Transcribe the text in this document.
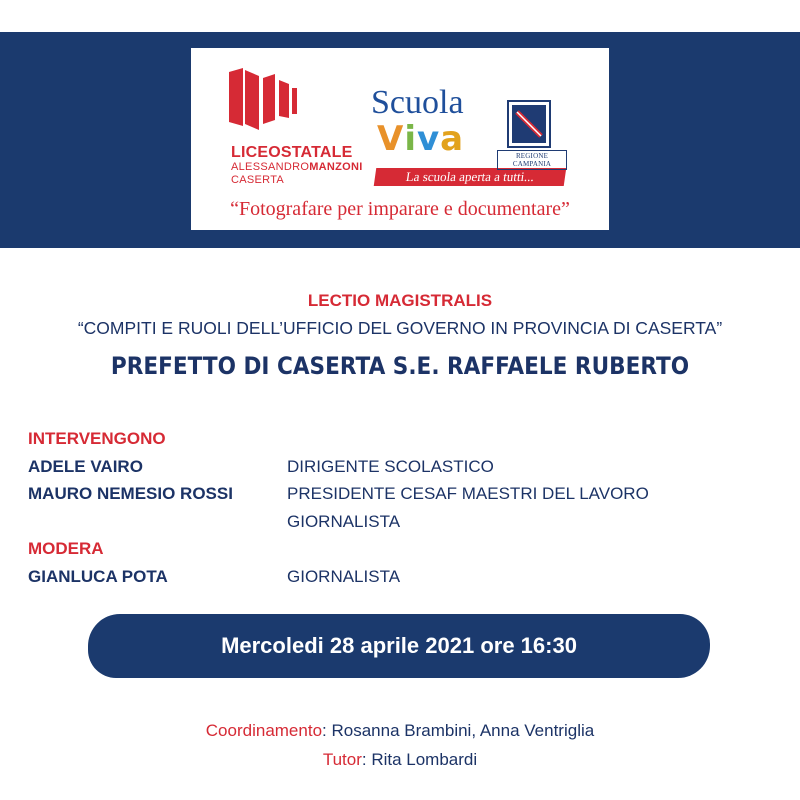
LICEOSTATALE
ALESSANDROMANZONI
CASERTA
Scuola
Viva
La scuola aperta a tutti...
REGIONE CAMPANIA
“Fotografare per imparare e documentare”
LECTIO MAGISTRALIS
“COMPITI E RUOLI DELL’UFFICIO DEL GOVERNO IN PROVINCIA DI CASERTA”
PREFETTO DI CASERTA S.E. RAFFAELE RUBERTO
INTERVENGONO
ADELE VAIRO	DIRIGENTE SCOLASTICO
MAURO NEMESIO ROSSI	PRESIDENTE CESAF MAESTRI DEL LAVORO
GIORNALISTA
MODERA
GIANLUCA POTA	GIORNALISTA
Mercoledi 28 aprile 2021 ore 16:30
Coordinamento: Rosanna Brambini, Anna Ventriglia
Tutor: Rita Lombardi
